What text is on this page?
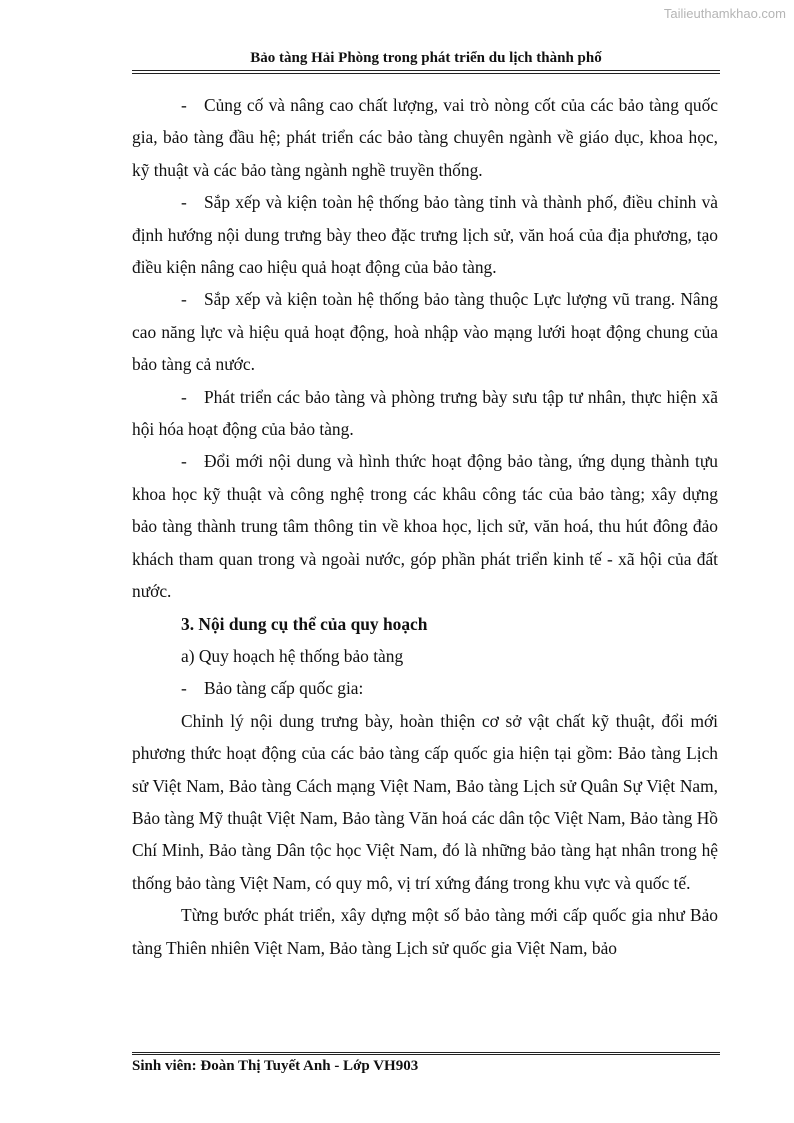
Tailieuthamkhao.com
Bảo tàng Hải Phòng trong phát triển du lịch thành phố

- Củng cố và nâng cao chất lượng, vai trò nòng cốt của các bảo tàng quốc gia, bảo tàng đầu hệ; phát triển các bảo tàng chuyên ngành về giáo dục, khoa học, kỹ thuật và các bảo tàng ngành nghề truyền thống.

- Sắp xếp và kiện toàn hệ thống bảo tàng tỉnh và thành phố, điều chỉnh và định hướng nội dung trưng bày theo đặc trưng lịch sử, văn hoá của địa phương, tạo điều kiện nâng cao hiệu quả hoạt động của bảo tàng.

- Sắp xếp và kiện toàn hệ thống bảo tàng thuộc Lực lượng vũ trang. Nâng cao năng lực và hiệu quả hoạt động, hoà nhập vào mạng lưới hoạt động chung của bảo tàng cả nước.

- Phát triển các bảo tàng và phòng trưng bày sưu tập tư nhân, thực hiện xã hội hóa hoạt động của bảo tàng.

- Đổi mới nội dung và hình thức hoạt động bảo tàng, ứng dụng thành tựu khoa học kỹ thuật và công nghệ trong các khâu công tác của bảo tàng; xây dựng bảo tàng thành trung tâm thông tin về khoa học, lịch sử, văn hoá, thu hút đông đảo khách tham quan trong và ngoài nước, góp phần phát triển kinh tế - xã hội của đất nước.

3. Nội dung cụ thể của quy hoạch

a) Quy hoạch hệ thống bảo tàng

- Bảo tàng cấp quốc gia:

Chỉnh lý nội dung trưng bày, hoàn thiện cơ sở vật chất kỹ thuật, đổi mới phương thức hoạt động của các bảo tàng cấp quốc gia hiện tại gồm: Bảo tàng Lịch sử Việt Nam, Bảo tàng Cách mạng Việt Nam, Bảo tàng Lịch sử Quân Sự Việt Nam, Bảo tàng Mỹ thuật Việt Nam, Bảo tàng Văn hoá các dân tộc Việt Nam, Bảo tàng Hồ Chí Minh, Bảo tàng Dân tộc học Việt Nam, đó là những bảo tàng hạt nhân trong hệ thống bảo tàng Việt Nam, có quy mô, vị trí xứng đáng trong khu vực và quốc tế.

Từng bước phát triển, xây dựng một số bảo tàng mới cấp quốc gia như Bảo tàng Thiên nhiên Việt Nam, Bảo tàng Lịch sử quốc gia Việt Nam, bảo

Sinh viên: Đoàn Thị Tuyết Anh - Lớp VH903
